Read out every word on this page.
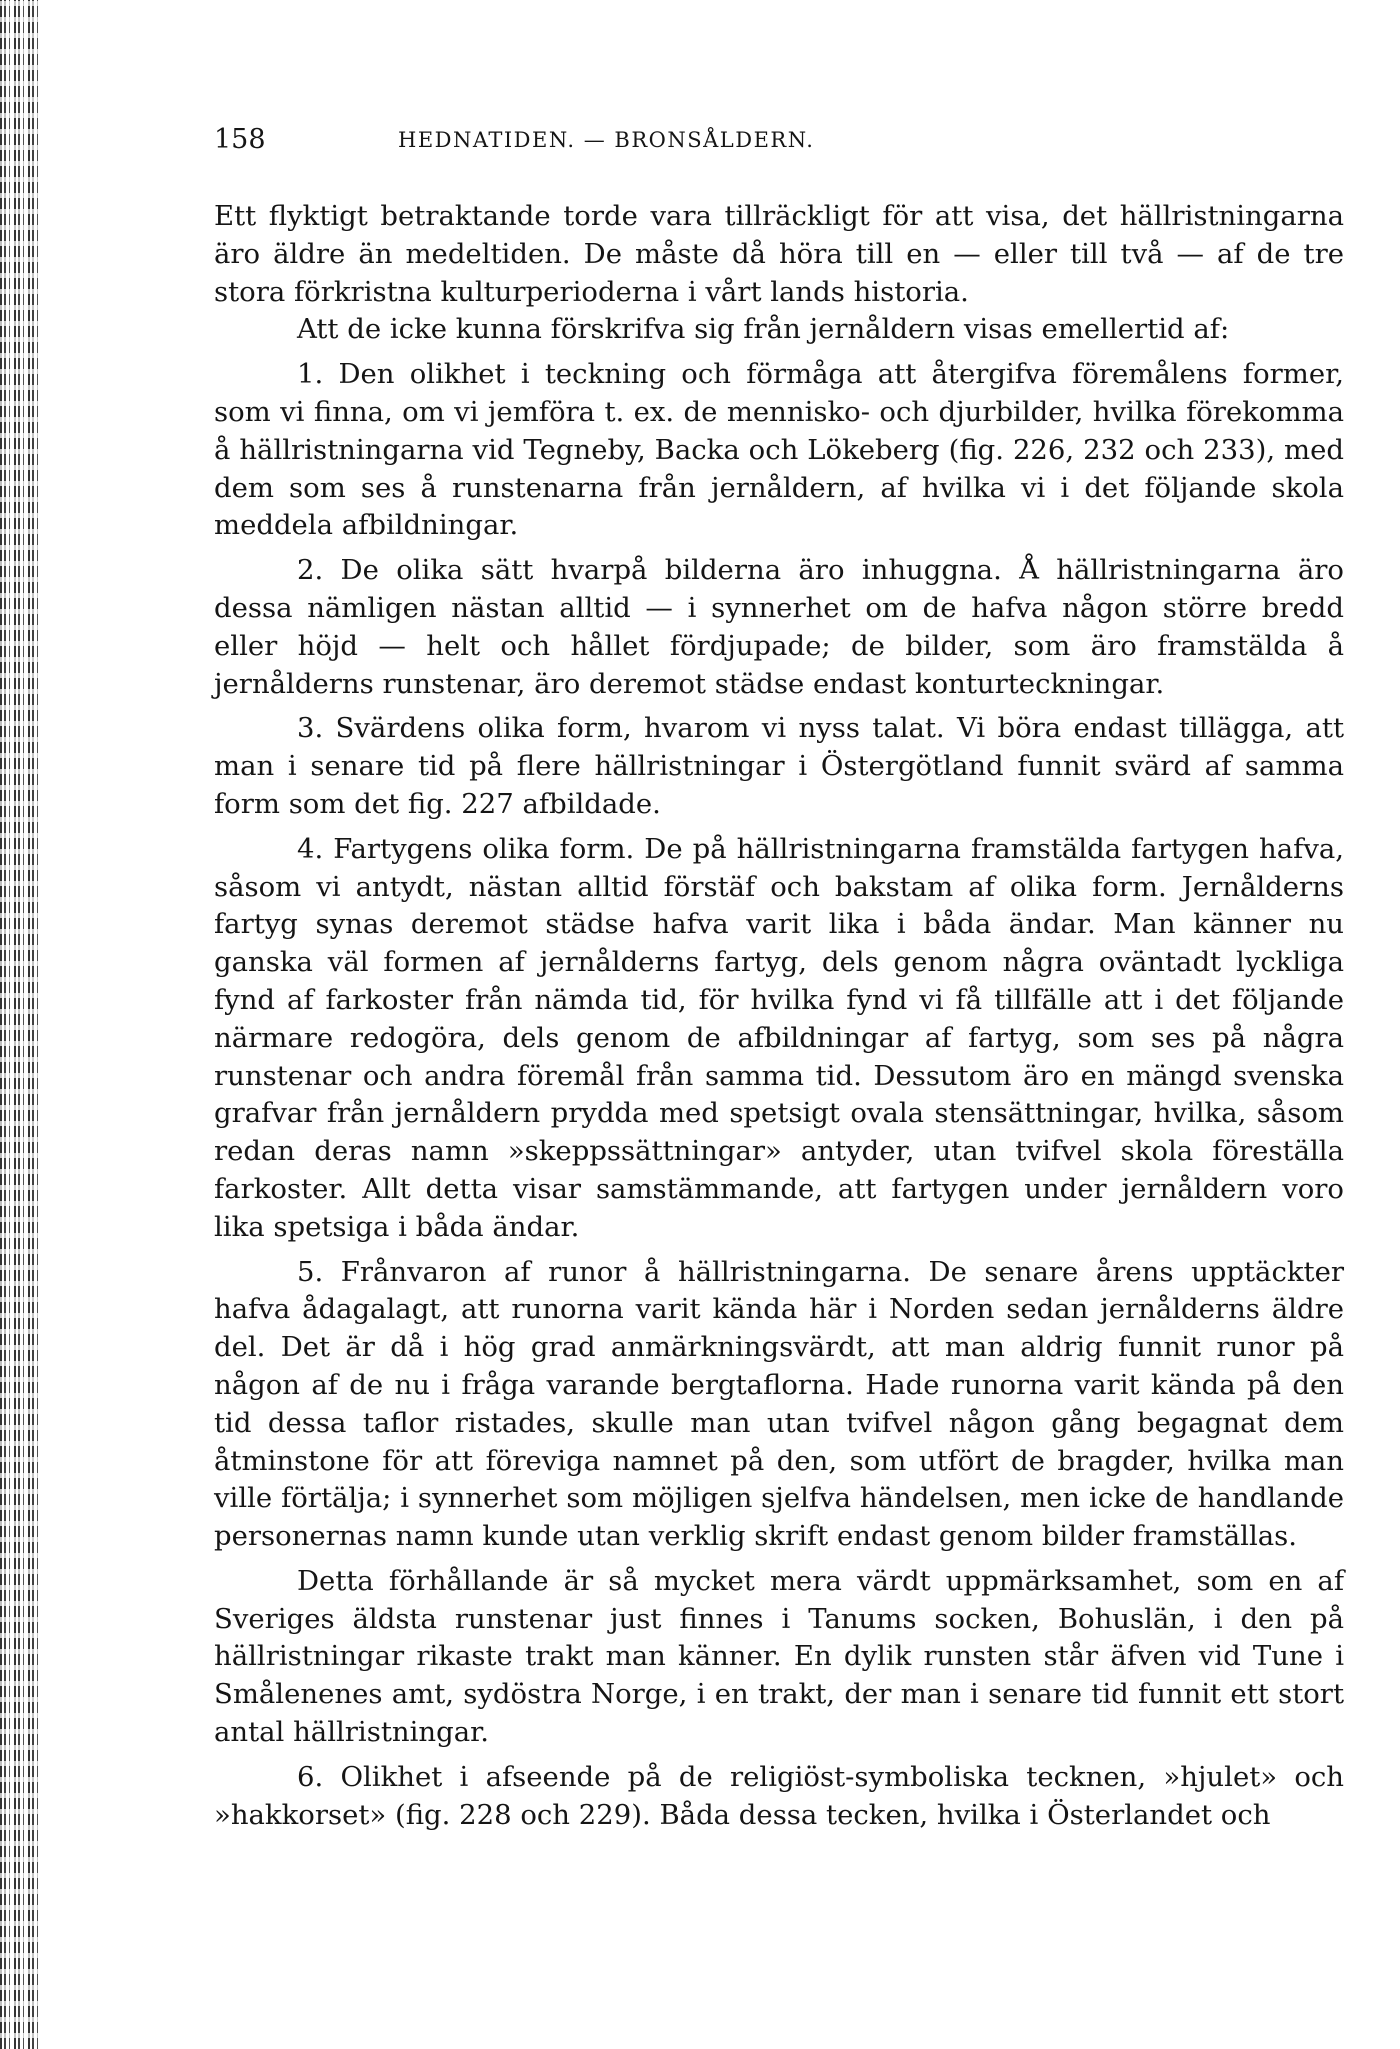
158	HEDNATIDEN. — BRONSÅLDERN.

Ett flyktigt betraktande torde vara tillräckligt för att visa, det hällristningarna äro äldre än medeltiden. De måste då höra till en — eller till två — af de tre stora förkristna kulturperioderna i vårt lands historia.

Att de icke kunna förskrifva sig från jernåldern visas emellertid af:

1. Den olikhet i teckning och förmåga att återgifva föremålens former, som vi finna, om vi jemföra t. ex. de mennisko- och djurbilder, hvilka förekomma å hällristningarna vid Tegneby, Backa och Lökeberg (fig. 226, 232 och 233), med dem som ses å runstenarna från jernåldern, af hvilka vi i det följande skola meddela afbildningar.

2. De olika sätt hvarpå bilderna äro inhuggna. Å hällristningarna äro dessa nämligen nästan alltid — i synnerhet om de hafva någon större bredd eller höjd — helt och hållet fördjupade; de bilder, som äro framstälda å jernålderns runstenar, äro deremot städse endast konturteckningar.

3. Svärdens olika form, hvarom vi nyss talat. Vi böra endast tillägga, att man i senare tid på flere hällristningar i Östergötland funnit svärd af samma form som det fig. 227 afbildade.

4. Fartygens olika form. De på hällristningarna framstälda fartygen hafva, såsom vi antydt, nästan alltid förstäf och bakstam af olika form. Jernålderns fartyg synas deremot städse hafva varit lika i båda ändar. Man känner nu ganska väl formen af jernålderns fartyg, dels genom några oväntadt lyckliga fynd af farkoster från nämda tid, för hvilka fynd vi få tillfälle att i det följande närmare redogöra, dels genom de afbildningar af fartyg, som ses på några runstenar och andra föremål från samma tid. Dessutom äro en mängd svenska grafvar från jernåldern prydda med spetsigt ovala stensättningar, hvilka, såsom redan deras namn »skeppssättningar» antyder, utan tvifvel skola föreställa farkoster. Allt detta visar samstämmande, att fartygen under jernåldern voro lika spetsiga i båda ändar.

5. Frånvaron af runor å hällristningarna. De senare årens upptäckter hafva ådagalagt, att runorna varit kända här i Norden sedan jernålderns äldre del. Det är då i hög grad anmärkningsvärdt, att man aldrig funnit runor på någon af de nu i fråga varande bergtaflorna. Hade runorna varit kända på den tid dessa taflor ristades, skulle man utan tvifvel någon gång begagnat dem åtminstone för att föreviga namnet på den, som utfört de bragder, hvilka man ville förtälja; i synnerhet som möjligen sjelfva händelsen, men icke de handlande personernas namn kunde utan verklig skrift endast genom bilder framställas.

Detta förhållande är så mycket mera värdt uppmärksamhet, som en af Sveriges äldsta runstenar just finnes i Tanums socken, Bohuslän, i den på hällristningar rikaste trakt man känner. En dylik runsten står äfven vid Tune i Smålenenes amt, sydöstra Norge, i en trakt, der man i senare tid funnit ett stort antal hällristningar.

6. Olikhet i afseende på de religiöst-symboliska tecknen, »hjulet» och »hakkorset» (fig. 228 och 229). Båda dessa tecken, hvilka i Österlandet och
